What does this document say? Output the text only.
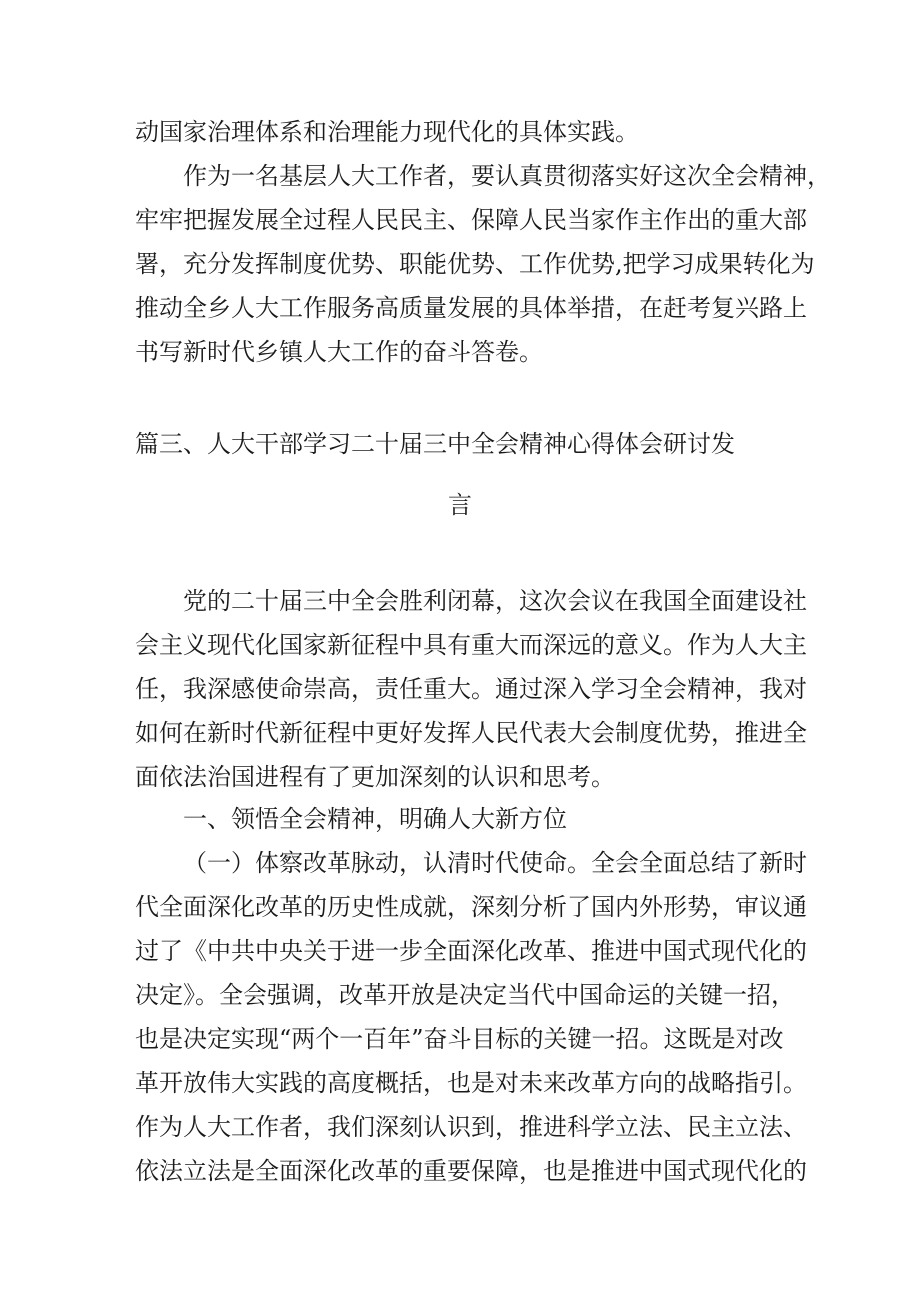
动国家治理体系和治理能力现代化的具体实践。
作为一名基层人大工作者，要认真贯彻落实好这次全会精神，
牢牢把握发展全过程人民民主、保障人民当家作主作出的重大部
署，充分发挥制度优势、职能优势、工作优势,把学习成果转化为
推动全乡人大工作服务高质量发展的具体举措，在赶考复兴路上
书写新时代乡镇人大工作的奋斗答卷。
篇三、人大干部学习二十届三中全会精神心得体会研讨发
言
党的二十届三中全会胜利闭幕，这次会议在我国全面建设社
会主义现代化国家新征程中具有重大而深远的意义。作为人大主
任，我深感使命崇高，责任重大。通过深入学习全会精神，我对
如何在新时代新征程中更好发挥人民代表大会制度优势，推进全
面依法治国进程有了更加深刻的认识和思考。
一、领悟全会精神，明确人大新方位
（一）体察改革脉动，认清时代使命。全会全面总结了新时
代全面深化改革的历史性成就，深刻分析了国内外形势，审议通
过了《中共中央关于进一步全面深化改革、推进中国式现代化的
决定》。全会强调，改革开放是决定当代中国命运的关键一招，
也是决定实现“两个一百年”奋斗目标的关键一招。这既是对改
革开放伟大实践的高度概括，也是对未来改革方向的战略指引。
作为人大工作者，我们深刻认识到，推进科学立法、民主立法、
依法立法是全面深化改革的重要保障，也是推进中国式现代化的
